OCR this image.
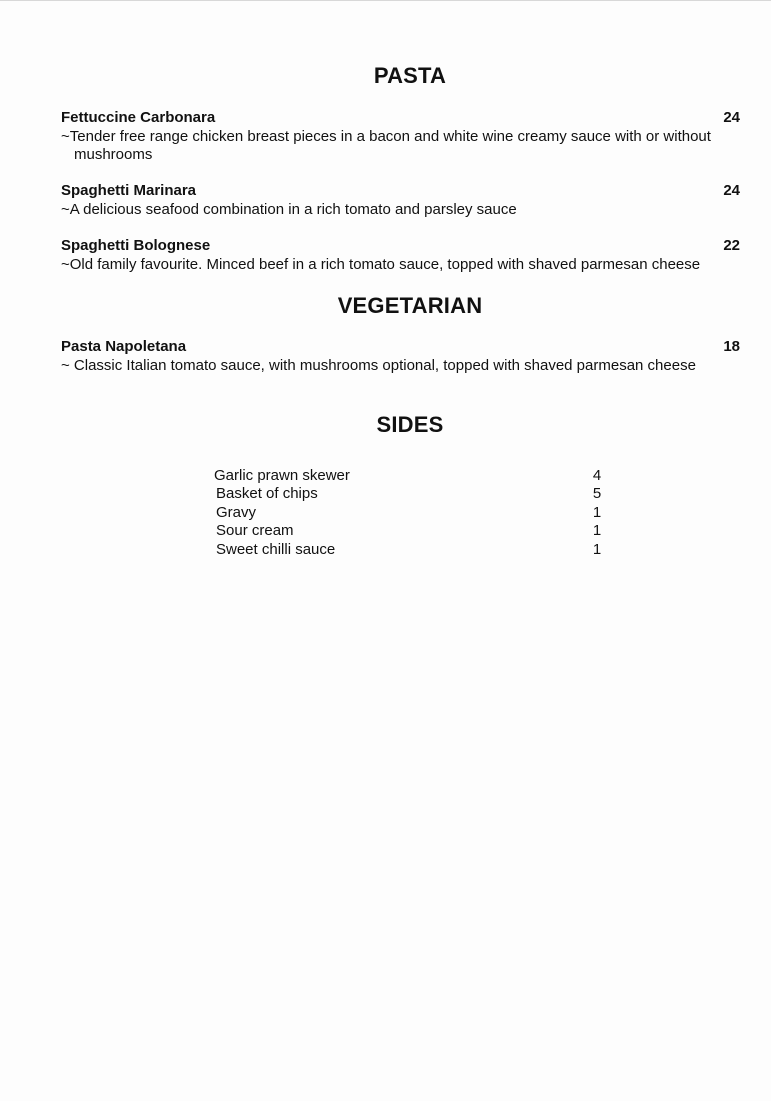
PASTA
Fettuccine Carbonara	24
~Tender free range chicken breast pieces in a bacon and white wine creamy sauce with or without
mushrooms
Spaghetti Marinara	24
~A delicious seafood combination in a rich tomato and parsley sauce
Spaghetti Bolognese	22
~Old family favourite. Minced beef in a rich tomato sauce, topped with shaved parmesan cheese
VEGETARIAN
Pasta Napoletana	18
~ Classic Italian tomato sauce, with mushrooms optional, topped with shaved parmesan cheese
SIDES
Garlic prawn skewer	4
Basket of chips	5
Gravy	1
Sour cream	1
Sweet chilli sauce	1
